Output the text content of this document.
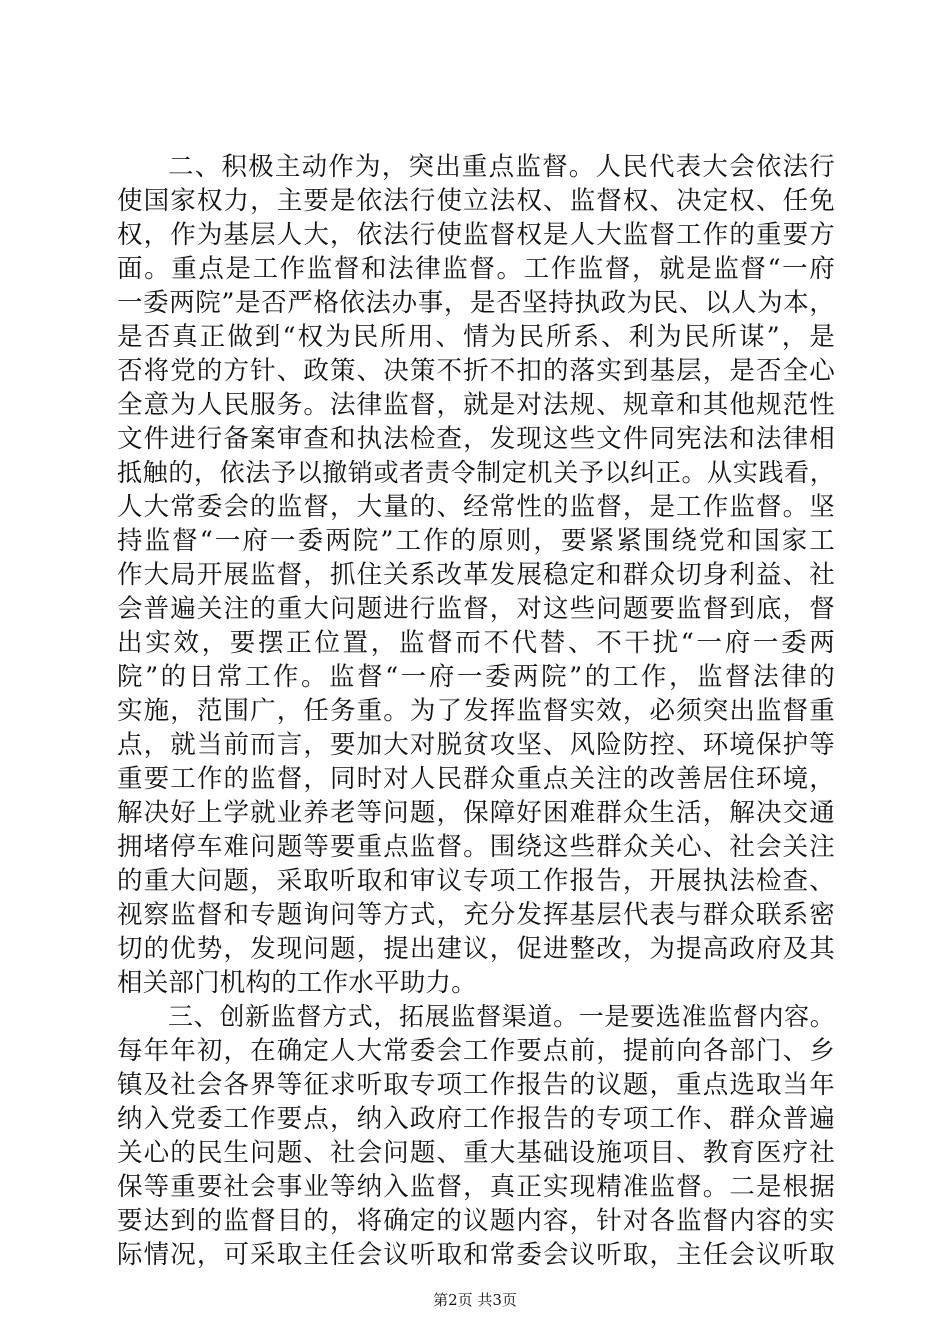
二、积极主动作为，突出重点监督。人民代表大会依法行
使国家权力，主要是依法行使立法权、监督权、决定权、任免
权，作为基层人大，依法行使监督权是人大监督工作的重要方
面。重点是工作监督和法律监督。工作监督，就是监督“一府
一委两院”是否严格依法办事，是否坚持执政为民、以人为本，
是否真正做到“权为民所用、情为民所系、利为民所谋”，是
否将党的方针、政策、决策不折不扣的落实到基层，是否全心
全意为人民服务。法律监督，就是对法规、规章和其他规范性
文件进行备案审查和执法检查，发现这些文件同宪法和法律相
抵触的，依法予以撤销或者责令制定机关予以纠正。从实践看，
人大常委会的监督，大量的、经常性的监督，是工作监督。坚
持监督“一府一委两院”工作的原则，要紧紧围绕党和国家工
作大局开展监督，抓住关系改革发展稳定和群众切身利益、社
会普遍关注的重大问题进行监督，对这些问题要监督到底，督
出实效，要摆正位置，监督而不代替、不干扰“一府一委两
院”的日常工作。监督“一府一委两院”的工作，监督法律的
实施，范围广，任务重。为了发挥监督实效，必须突出监督重
点，就当前而言，要加大对脱贫攻坚、风险防控、环境保护等
重要工作的监督，同时对人民群众重点关注的改善居住环境，
解决好上学就业养老等问题，保障好困难群众生活，解决交通
拥堵停车难问题等要重点监督。围绕这些群众关心、社会关注
的重大问题，采取听取和审议专项工作报告，开展执法检查、
视察监督和专题询问等方式，充分发挥基层代表与群众联系密
切的优势，发现问题，提出建议，促进整改，为提高政府及其
相关部门机构的工作水平助力。
三、创新监督方式，拓展监督渠道。一是要选准监督内容。
每年年初，在确定人大常委会工作要点前，提前向各部门、乡
镇及社会各界等征求听取专项工作报告的议题，重点选取当年
纳入党委工作要点，纳入政府工作报告的专项工作、群众普遍
关心的民生问题、社会问题、重大基础设施项目、教育医疗社
保等重要社会事业等纳入监督，真正实现精准监督。二是根据
要达到的监督目的，将确定的议题内容，针对各监督内容的实
际情况，可采取主任会议听取和常委会议听取，主任会议听取
第2页 共3页
